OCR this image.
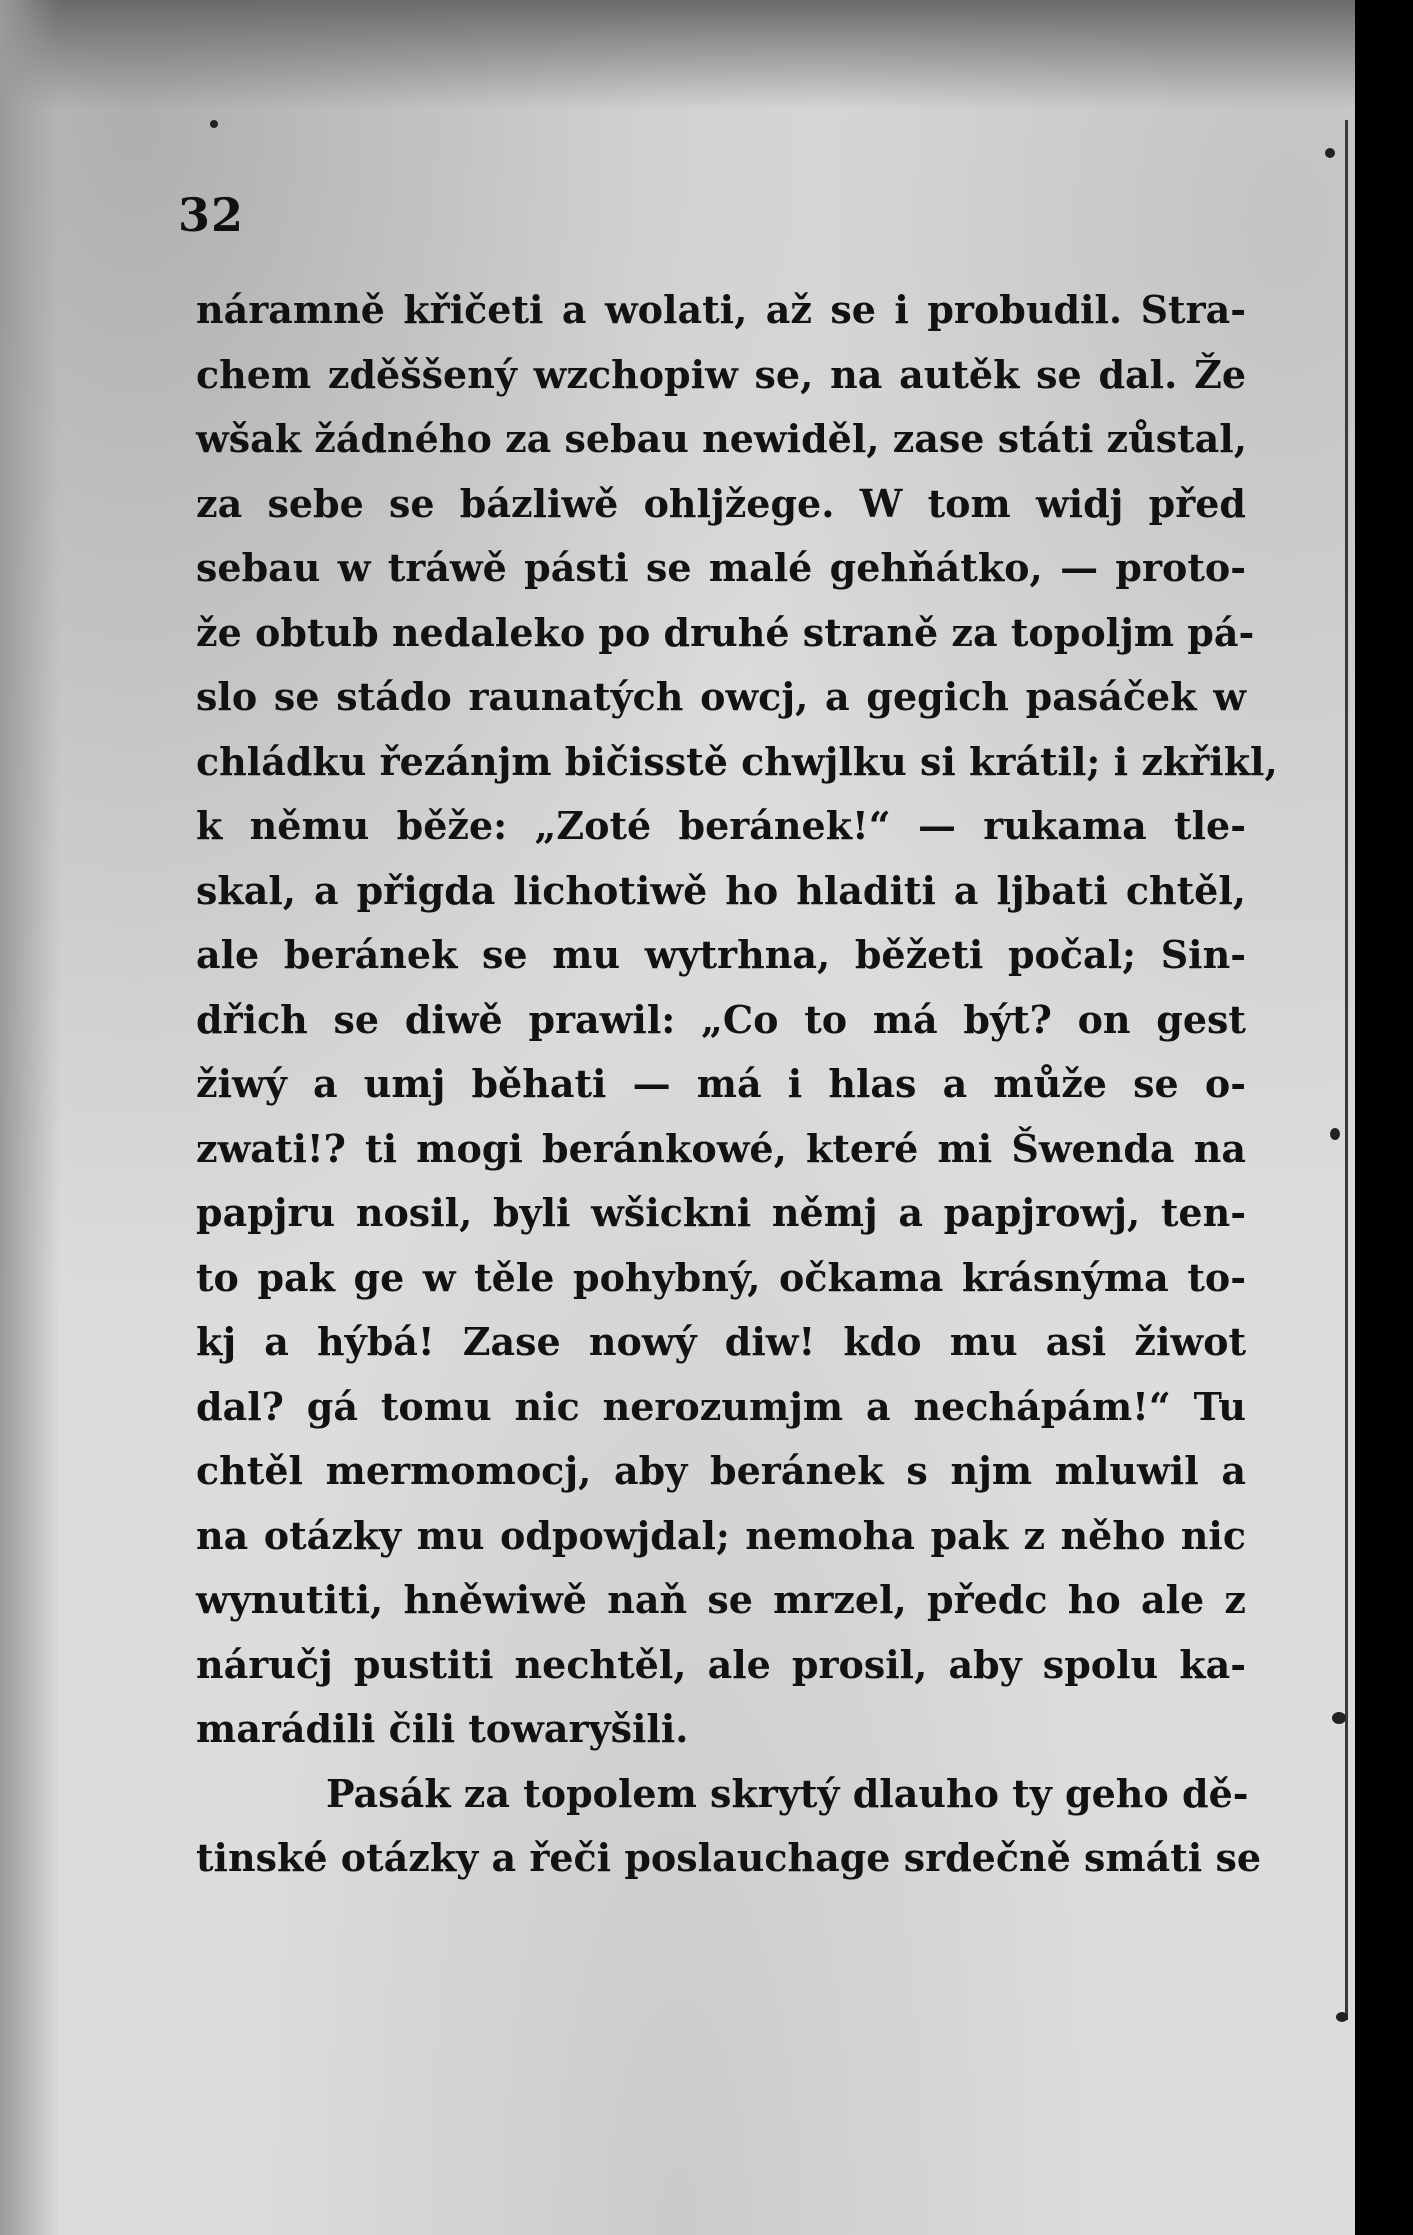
32
náramně křičeti a wolati, až se i probudil. Stra-
chem zděššený wzchopiw se, na autěk se dal. Že
wšak žádného za sebau newiděl, zase státi zůstal,
za sebe se bázliwě ohljžege. W tom widj před
sebau w tráwě pásti se malé gehňátko, — proto-
že obtub nedaleko po druhé straně za topoljm pá-
slo se stádo raunatých owcj, a gegich pasáček w
chládku řezánjm bičisstě chwjlku si krátil; i zkřikl,
k němu běže: „Zoté beránek!“ — rukama tle-
skal, a přigda lichotiwě ho hladiti a ljbati chtěl,
ale beránek se mu wytrhna, běžeti počal; Sin-
dřich se diwě prawil: „Co to má být? on gest
žiwý a umj běhati — má i hlas a může se o-
zwati!? ti mogi beránkowé, které mi Šwenda na
papjru nosil, byli wšickni němj a papjrowj, ten-
to pak ge w těle pohybný, očkama krásnýma to-
kj a hýbá! Zase nowý diw! kdo mu asi žiwot
dal? gá tomu nic nerozumjm a nechápám!“ Tu
chtěl mermomocj, aby beránek s njm mluwil a
na otázky mu odpowjdal; nemoha pak z něho nic
wynutiti, hněwiwě naň se mrzel, předc ho ale z
náručj pustiti nechtěl, ale prosil, aby spolu ka-
marádili čili towaryšili.
Pasák za topolem skrytý dlauho ty geho dě-
tinské otázky a řeči poslauchage srdečně smáti se
